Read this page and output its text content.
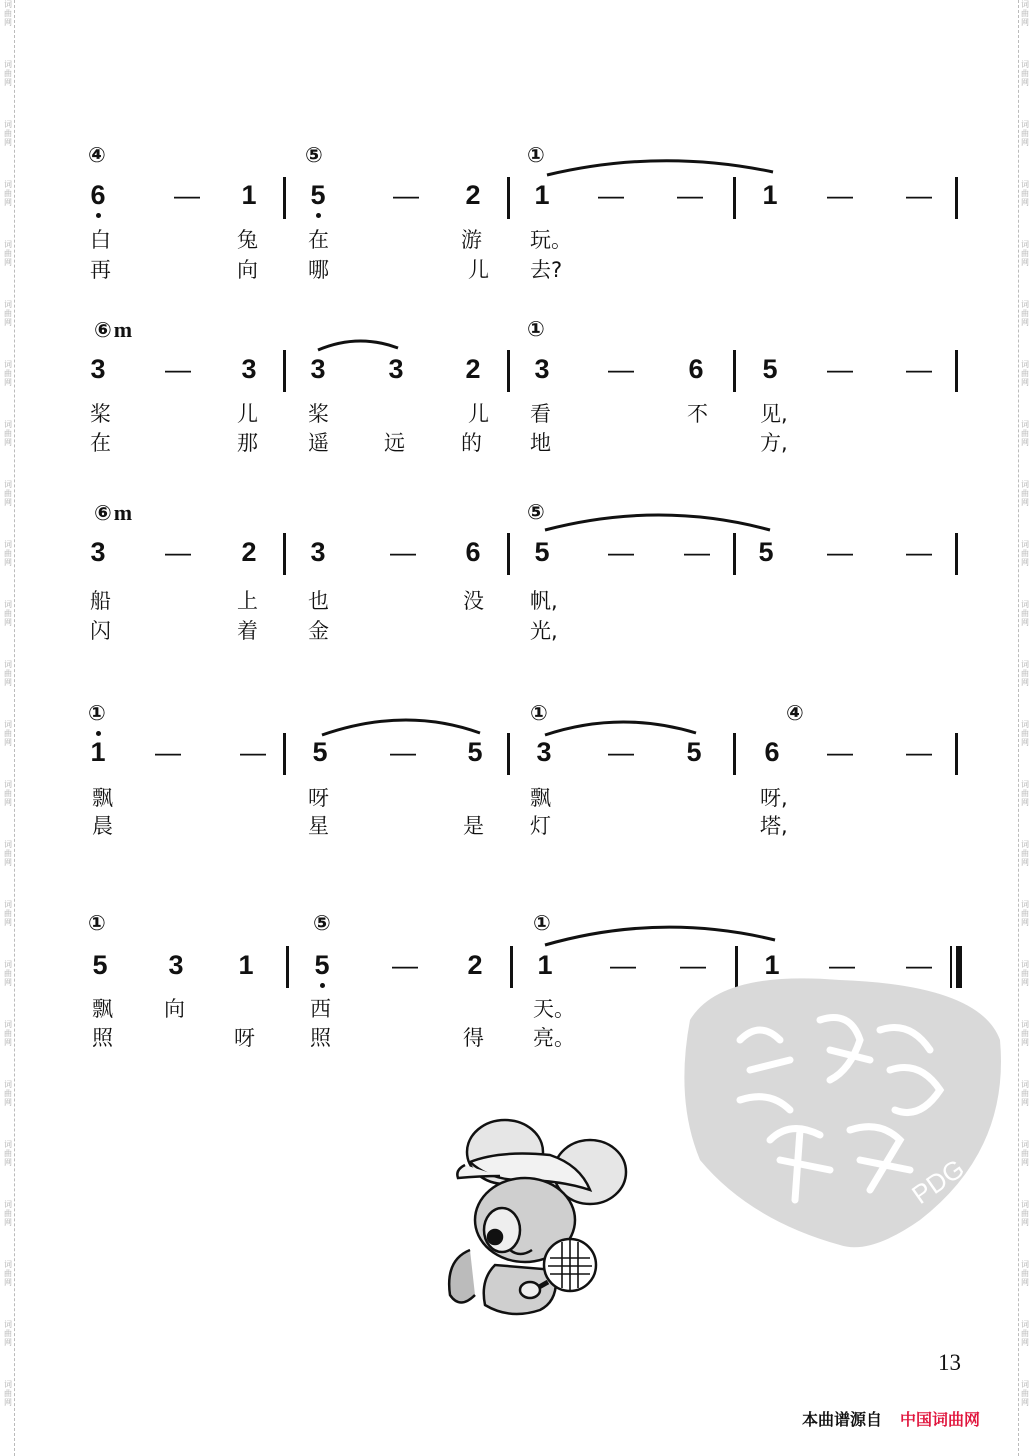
词
曲
网
词
曲
网
词
曲
网
词
曲
网
词
曲
网
词
曲
网
词
曲
网
词
曲
网
词
曲
网
词
曲
网
词
曲
网
词
曲
网
词
曲
网
词
曲
网
词
曲
网
词
曲
网
词
曲
网
词
曲
网
词
曲
网
词
曲
网
词
曲
网
词
曲
网
词
曲
网
词
曲
网
词
曲
网
词
曲
网
词
曲
网
词
曲
网
词
曲
网
词
曲
网
词
曲
网
词
曲
网
词
曲
网
词
曲
网
词
曲
网
词
曲
网
词
曲
网
词
曲
网
词
曲
网
词
曲
网
词
曲
网
词
曲
网
词
曲
网
词
曲
网
词
曲
网
词
曲
网
词
曲
网
词
曲
网
④	⑤	①
6	— 1 5	— 2 1 — — 1 — —
白	兔 在	游 玩。
再	向 哪	儿 去?
⑥m	①
3 — 3 3 3 2 3 — 6 5 — —
桨	儿 桨	儿 看	不 见,
在	那 遥	远	的 地	方,
⑥m	⑤
3 — 2 3 — 6 5 — — 5 — —
船	上 也	没 帆,
闪	着 金	光,
①	①	④
1 — — 5 — 5 3 — 5 6 — —
飘	呀	飘	呀,
晨	星	是 灯	塔,
①	⑤	①
5 3 1 5 — 2 1 — — 1 — —
飘 向	西	天。
照	呀	照	得 亮。
PDG
13
本曲谱源自 中国词曲网
